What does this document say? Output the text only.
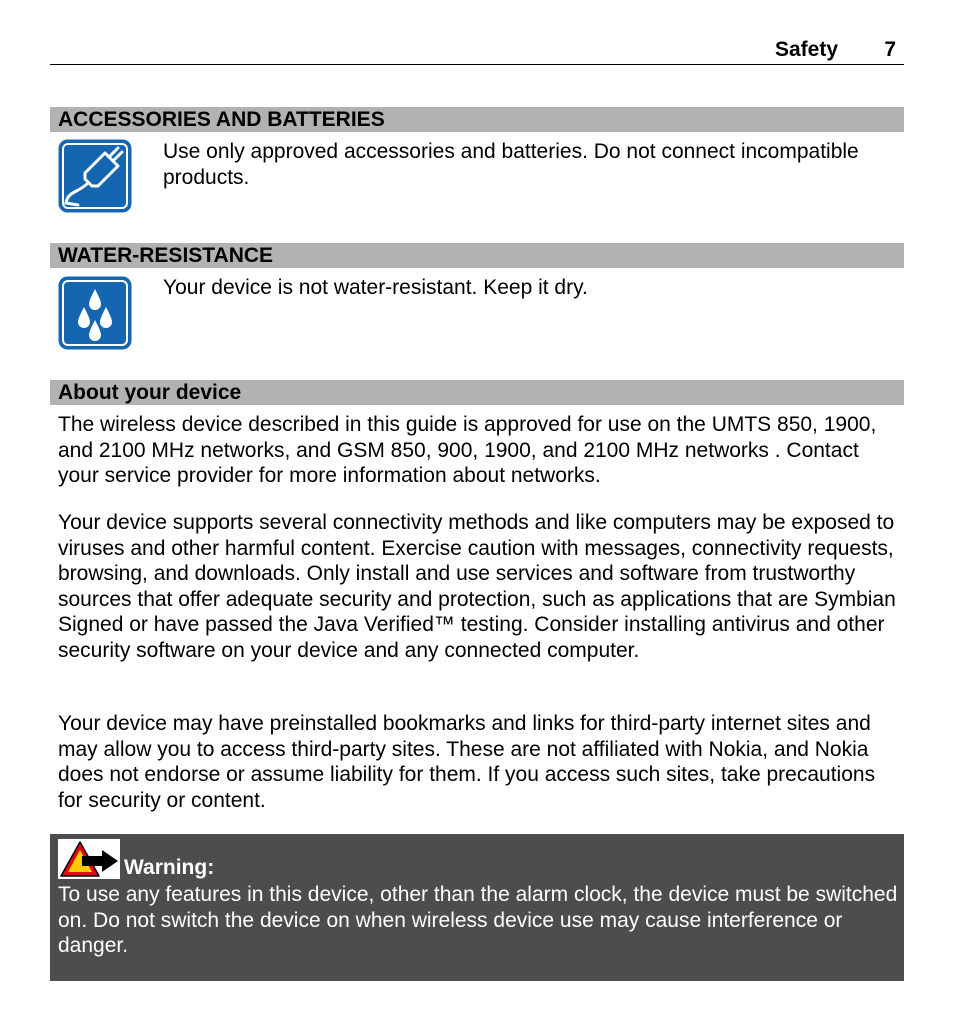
Safety 7
ACCESSORIES AND BATTERIES
Use only approved accessories and batteries. Do not connect incompatible products.
WATER-RESISTANCE
Your device is not water-resistant. Keep it dry.
About your device
The wireless device described in this guide is approved for use on the UMTS 850, 1900, and 2100 MHz networks, and GSM 850, 900, 1900, and 2100 MHz networks . Contact your service provider for more information about networks.
Your device supports several connectivity methods and like computers may be exposed to viruses and other harmful content. Exercise caution with messages, connectivity requests, browsing, and downloads. Only install and use services and software from trustworthy sources that offer adequate security and protection, such as applications that are Symbian Signed or have passed the Java Verified™ testing. Consider installing antivirus and other security software on your device and any connected computer.
Your device may have preinstalled bookmarks and links for third-party internet sites and may allow you to access third-party sites. These are not affiliated with Nokia, and Nokia does not endorse or assume liability for them. If you access such sites, take precautions for security or content.
Warning:
To use any features in this device, other than the alarm clock, the device must be switched on. Do not switch the device on when wireless device use may cause interference or danger.
